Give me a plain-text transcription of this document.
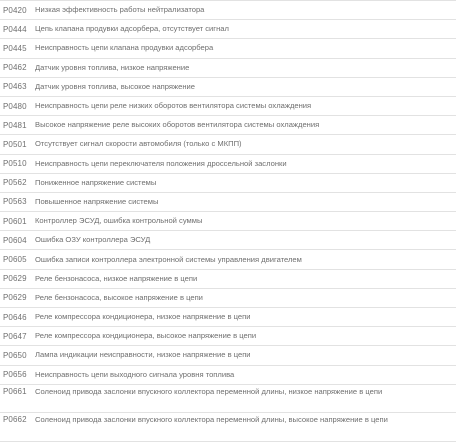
P0420	Низкая эффективность работы нейтрализатора
P0444	Цепь клапана продувки адсорбера, отсутствует сигнал
P0445	Неисправность цепи клапана продувки адсорбера
P0462	Датчик уровня топлива, низкое напряжение
P0463	Датчик уровня топлива, высокое напряжение
P0480	Неисправность цепи реле низких оборотов вентилятора системы охлаждения
P0481	Высокое напряжение реле высоких оборотов вентилятора системы охлаждения
P0501	Отсутствует сигнал скорости автомобиля (только с МКПП)
P0510	Неисправность цепи переключателя положения дроссельной заслонки
P0562	Пониженное напряжение системы
P0563	Повышенное напряжение системы
P0601	Контроллер ЭСУД, ошибка контрольной суммы
P0604	Ошибка ОЗУ контроллера ЭСУД
P0605	Ошибка записи контроллера электронной системы управления двигателем
P0629	Реле бензонасоса, низкое напряжение в цепи
P0629	Реле бензонасоса, высокое напряжение в цепи
P0646	Реле компрессора кондиционера, низкое напряжение в цепи
P0647	Реле компрессора кондиционера, высокое напряжение в цепи
P0650	Лампа индикации неисправности, низкое напряжение в цепи
P0656	Неисправность цепи выходного сигнала уровня топлива
P0661	Соленоид привода заслонки впускного коллектора переменной длины, низкое напряжение в цепи
P0662	Соленоид привода заслонки впускного коллектора переменной длины, высокое напряжение в цепи
